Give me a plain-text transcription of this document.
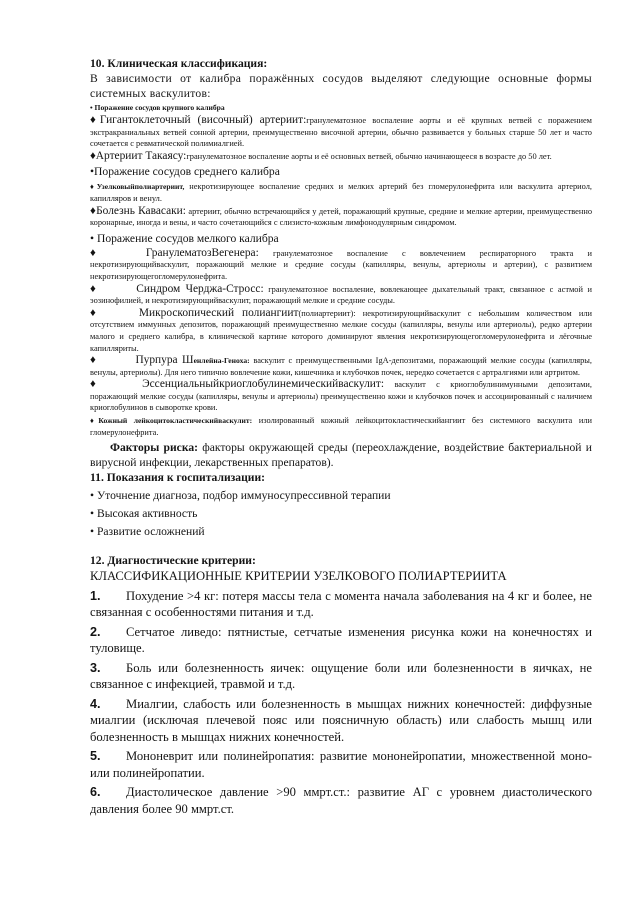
10. Клиническая классификация:

В зависимости от калибра поражённых сосудов выделяют следующие основные формы системных васкулитов:

• Поражение сосудов крупного калибра

♦Гигантоклеточный (височный) артериит:гранулематозное воспаление аорты и её крупных ветвей с поражением экстракраниальных ветвей сонной артерии, преимущественно височной артерии, обычно развивается у больных старше 50 лет и часто сочетается с ревматической полимиалгией.

♦Артериит Такаясу:гранулематозное воспаление аорты и её основных ветвей, обычно начинающееся в возрасте до 50 лет.

•Поражение сосудов среднего калибра

♦Узелковыйполиартериит, некротизирующее воспаление средних и мелких артерий без гломерулонефрита или васкулита артериол, капилляров и венул.

♦Болезнь Кавасаки: артериит, обычно встречающийся у детей, поражающий крупные, средние и мелкие артерии, преимущественно коронарные, иногда и вены, и часто сочетающийся с слизисто-кожным лимфонодулярным синдромом.

• Поражение сосудов мелкого калибра

♦	ГранулематозВегенера: гранулематозное воспаление с вовлечением респираторного тракта и некротизирующийваскулит, поражающий мелкие и средние сосуды (капилляры, венулы, артериолы и артерии), с развитием некротизирующегогломерулонефрита.

♦	Синдром Черджа-Стросс: гранулематозное воспаление, вовлекающее дыхательный тракт, связанное с астмой и эозинофилией, и некротизирующийваскулит, поражающий мелкие и средние сосуды.

♦	Микроскопический полиангиит(полиартериит): некротизирующийваскулит с небольшим количеством или отсутствием иммунных депозитов, поражающий преимущественно мелкие сосуды (капилляры, венулы или артериолы), редко артерии малого и среднего калибра, в клинической картине которого доминируют явления некротизирующегогломерулонефрита и лёгочные капилляриты.

♦	Пурпура Шенлейна-Геноха: васкулит с преимущественными IgA-депозитами, поражающий мелкие сосуды (капилляры, венулы, артериолы). Для него типично вовлечение кожи, кишечника и клубочков почек, нередко сочетается с артралгиями или артритом.

♦	Эссенциальныйкриоглобулинемическийваскулит: васкулит с криоглобулинимунными депозитами, поражающий мелкие сосуды (капилляры, венулы и артериолы) преимущественно кожи и клубочков почек и ассоциированный с наличием криоглобулинов в сыворотке крови.

♦Кожный лейкоцитокластическийваскулит: изолированный кожный лейкоцитокластическийангиит без системного васкулита или гломерулонефрита.

Факторы риска: факторы окружающей среды (переохлаждение, воздействие бактериальной и вирусной инфекции, лекарственных препаратов).

11. Показания к госпитализации:

• Уточнение диагноза, подбор иммуносупрессивной терапии

• Высокая активность

• Развитие осложнений

12. Диагностические критерии:

КЛАССИФИКАЦИОННЫЕ КРИТЕРИИ УЗЕЛКОВОГО ПОЛИАРТЕРИИТА

1. Похудение >4 кг: потеря массы тела с момента начала заболевания на 4 кг и более, не связанная с особенностями питания и т.д.

2. Сетчатое ливедо: пятнистые, сетчатые изменения рисунка кожи на конечностях и туловище.

3. Боль или болезненность яичек: ощущение боли или болезненности в яичках, не связанное с инфекцией, травмой и т.д.

4. Миалгии, слабость или болезненность в мышцах нижних конечностей: диффузные миалгии (исключая плечевой пояс или поясничную область) или слабость мышц или болезненность в мышцах нижних конечностей.

5. Мононеврит или полинейропатия: развитие мононейропатии, множественной моно- или полинейропатии.

6. Диастолическое давление >90 ммрт.ст.: развитие АГ с уровнем диастолического давления более 90 ммрт.ст.
